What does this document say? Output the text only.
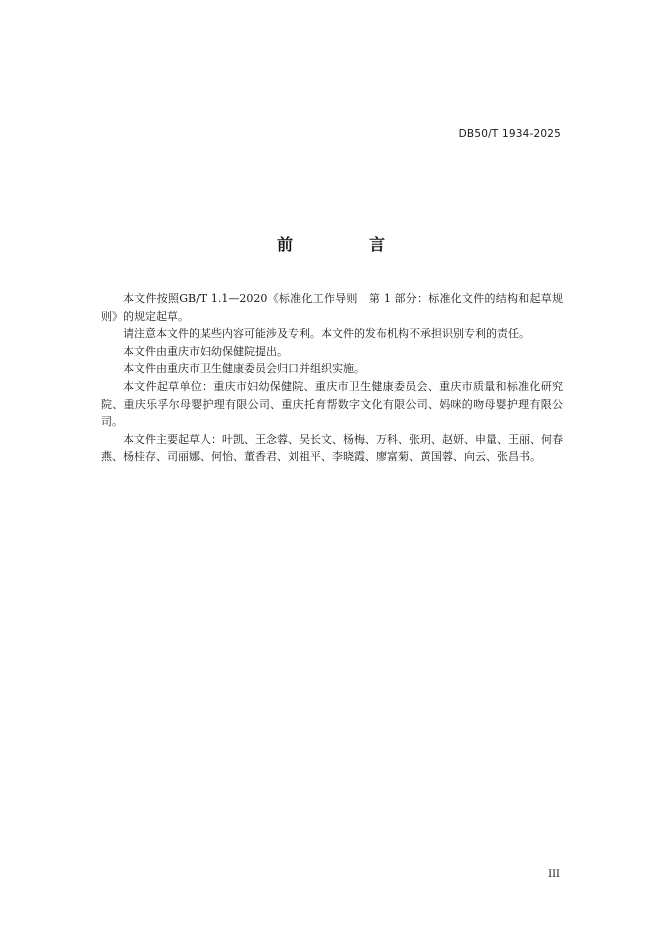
DB50/T 1934-2025
前　言

本文件按照GB/T 1.1—2020《标准化工作导则　第 1 部分：标准化文件的结构和起草规则》的规定起草。

请注意本文件的某些内容可能涉及专利。本文件的发布机构不承担识别专利的责任。

本文件由重庆市妇幼保健院提出。

本文件由重庆市卫生健康委员会归口并组织实施。

本文件起草单位：重庆市妇幼保健院、重庆市卫生健康委员会、重庆市质量和标准化研究院、重庆乐孚尔母婴护理有限公司、重庆托育帮数字文化有限公司、妈咪的吻母婴护理有限公司。

本文件主要起草人：叶凯、王念蓉、吴长文、杨梅、万科、张玥、赵妍、申量、王丽、何春燕、杨桂存、司丽娜、何怡、董香君、刘祖平、李晓霞、廖富菊、黄国蓉、向云、张昌书。

III
